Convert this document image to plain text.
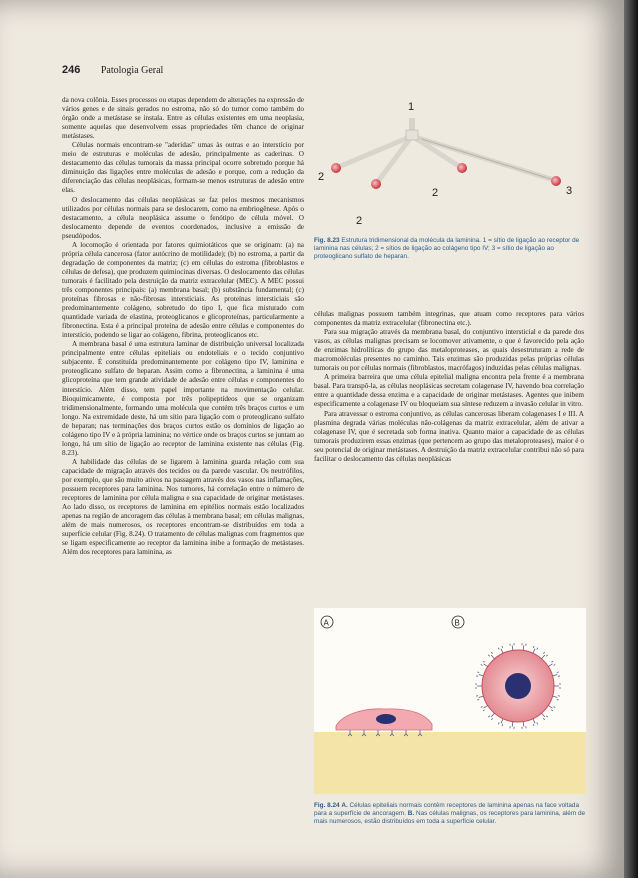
246 Patologia Geral

da nova colônia. Esses processos ou etapas dependem de alterações na expressão de vários genes e de sinais gerados no estroma, não só do tumor como também do órgão onde a metástase se instala. Entre as células existentes em uma neoplasia, somente aquelas que desenvolvem essas propriedades têm chance de originar metástases.

Células normais encontram-se "aderidas" umas às outras e ao interstício por meio de estruturas e moléculas de adesão, principalmente as caderinas. O destacamento das células tumorais da massa principal ocorre sobretudo porque há diminuição das ligações entre moléculas de adesão e porque, com a redução da diferenciação das células neoplásicas, formam-se menos estruturas de adesão entre elas.

O deslocamento das células neoplásicas se faz pelos mesmos mecanismos utilizados por células normais para se deslocarem, como na embriogênese. Após o destacamento, a célula neoplásica assume o fenótipo de célula móvel. O deslocamento depende de eventos coordenados, inclusive a emissão de pseudópodos.

A locomoção é orientada por fatores quimiotáticos que se originam: (a) na própria célula cancerosa (fator autócrino de motilidade); (b) no estroma, a partir da degradação de componentes da matriz; (c) em células do estroma (fibroblastos e células de defesa), que produzem quimiocinas diversas. O deslocamento das células tumorais é facilitado pela destruição da matriz extracelular (MEC). A MEC possui três componentes principais: (a) membrana basal; (b) substância fundamental; (c) proteínas fibrosas e não-fibrosas intersticiais. As proteínas intersticiais são predominantemente colágeno, sobretudo do tipo I, que fica misturado com quantidade variada de elastina, proteoglicanos e glicoproteínas, particularmente a fibronectina. Esta é a principal proteína de adesão entre células e componentes do interstício, podendo se ligar ao colágeno, fibrina, proteoglicanos etc.

A membrana basal é uma estrutura laminar de distribuição universal localizada principalmente entre células epiteliais ou endoteliais e o tecido conjuntivo subjacente. É constituída predominantemente por colágeno tipo IV, laminina e proteoglicano sulfato de heparan. Assim como a fibronectina, a laminina é uma glicoproteína que tem grande atividade de adesão entre células e componentes do interstício. Além disso, tem papel importante na movimentação celular. Bioquimicamente, é composta por três polipeptídeos que se organizam tridimensionalmente, formando uma molécula que contém três braços curtos e um longo. Na extremidade deste, há um sítio para ligação com o proteoglicano sulfato de heparan; nas terminações dos braços curtos estão os domínios de ligação ao colágeno tipo IV e à própria laminina; no vértice onde os braços curtos se juntam ao longo, há um sítio de ligação ao receptor de laminina existente nas células (Fig. 8.23).

A habilidade das células de se ligarem à laminina guarda relação com sua capacidade de migração através dos tecidos ou da parede vascular. Os neutrófilos, por exemplo, que são muito ativos na passagem através dos vasos nas inflamações, possuem receptores para laminina. Nos tumores, há correlação entre o número de receptores de laminina por célula maligna e sua capacidade de originar metástases. Ao lado disso, os receptores de laminina em epitélios normais estão localizados apenas na região de ancoragem das células à membrana basal; em células malignas, além de mais numerosos, os receptores encontram-se distribuídos em toda a superfície celular (Fig. 8.24). O tratamento de células malignas com fragmentos que se ligam especificamente ao receptor da laminina inibe a formação de metástases. Além dos receptores para laminina, as

1
2
2	3
2
Fig. 8.23 Estrutura tridimensional da molécula da laminina. 1 = sítio de ligação ao receptor de laminina nas células; 2 = sítios de ligação ao colágeno tipo IV; 3 = sítio de ligação ao proteoglicano sulfato de heparan.

células malignas possuem também integrinas, que atuam como receptores para vários componentes da matriz extracelular (fibronectina etc.).

Para sua migração através da membrana basal, do conjuntivo intersticial e da parede dos vasos, as células malignas precisam se locomover ativamente, o que é favorecido pela ação de enzimas hidrolíticas do grupo das metaloproteases, as quais desestruturam a rede de macromoléculas presentes no caminho. Tais enzimas são produzidas pelas próprias células tumorais ou por células normais (fibroblastos, macrófagos) induzidas pelas células malignas.

A primeira barreira que uma célula epitelial maligna encontra pela frente é a membrana basal. Para transpô-la, as células neoplásicas secretam colagenase IV, havendo boa correlação entre a quantidade dessa enzima e a capacidade de originar metástases. Agentes que inibem especificamente a colagenase IV ou bloqueiam sua síntese reduzem a invasão celular in vitro.

Para atravessar o estroma conjuntivo, as células cancerosas liberam colagenases I e III. A plasmina degrada várias moléculas não-colágenas da matriz extracelular, além de ativar a colagenase IV, que é secretada sob forma inativa. Quanto maior a capacidade de as células tumorais produzirem essas enzimas (que pertencem ao grupo das metaloproteases), maior é o seu potencial de originar metástases. A destruição da matriz extracelular contribui não só para facilitar o deslocamento das células neoplásicas

A	B
Fig. 8.24 A. Células epiteliais normais contêm receptores de laminina apenas na face voltada para a superfície de ancoragem. B. Nas células malignas, os receptores para laminina, além de mais numerosos, estão distribuídos em toda a superfície celular.
